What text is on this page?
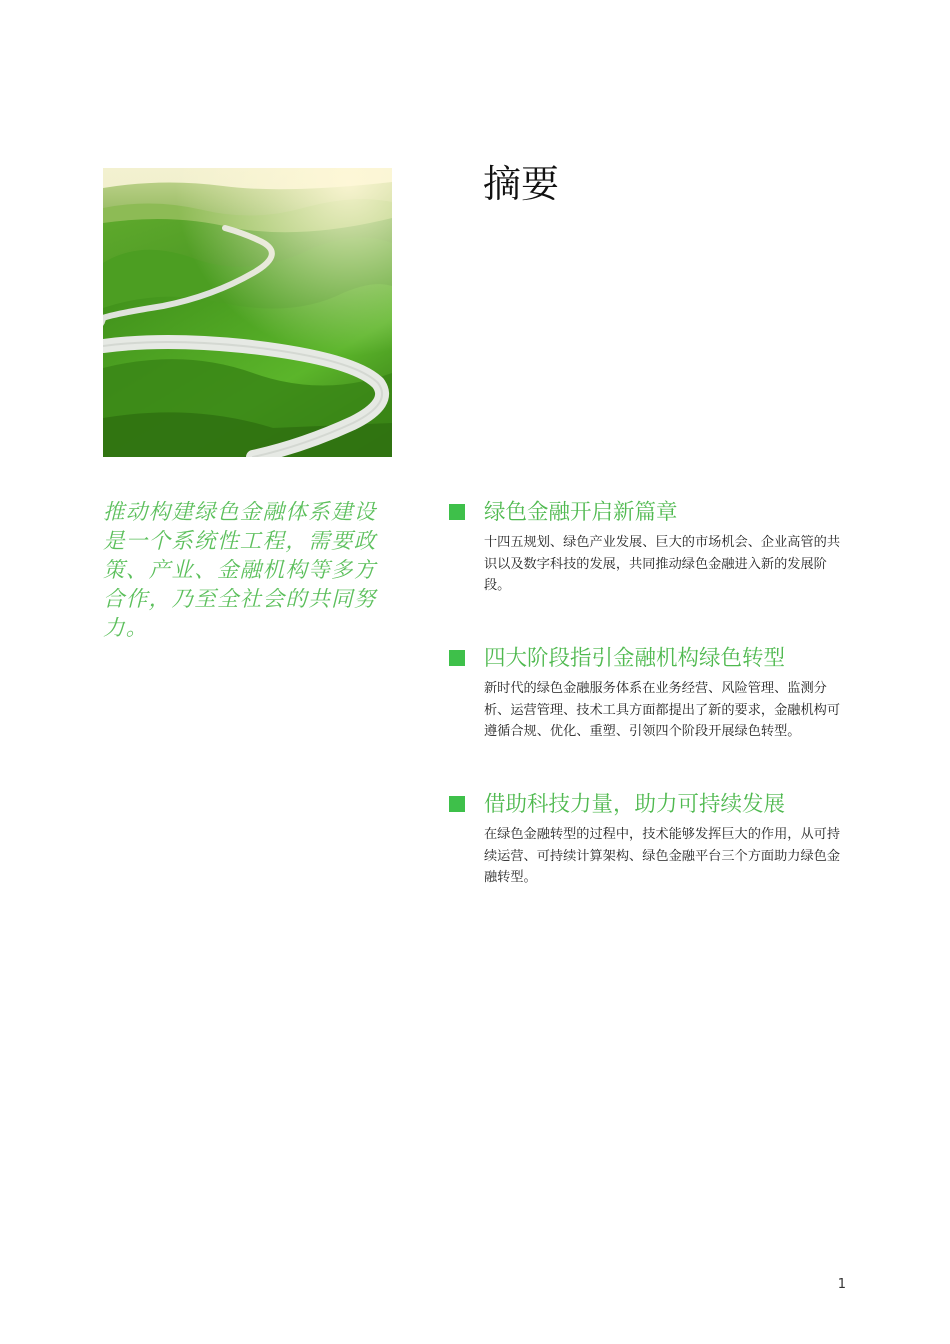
摘要

推动构建绿色金融体系建设是一个系统性工程，需要政策、产业、金融机构等多方合作，乃至全社会的共同努力。

绿色金融开启新篇章

十四五规划、绿色产业发展、巨大的市场机会、企业高管的共识以及数字科技的发展，共同推动绿色金融进入新的发展阶段。

四大阶段指引金融机构绿色转型

新时代的绿色金融服务体系在业务经营、风险管理、监测分析、运营管理、技术工具方面都提出了新的要求，金融机构可遵循合规、优化、重塑、引领四个阶段开展绿色转型。

借助科技力量，助力可持续发展

在绿色金融转型的过程中，技术能够发挥巨大的作用，从可持续运营、可持续计算架构、绿色金融平台三个方面助力绿色金融转型。

1
